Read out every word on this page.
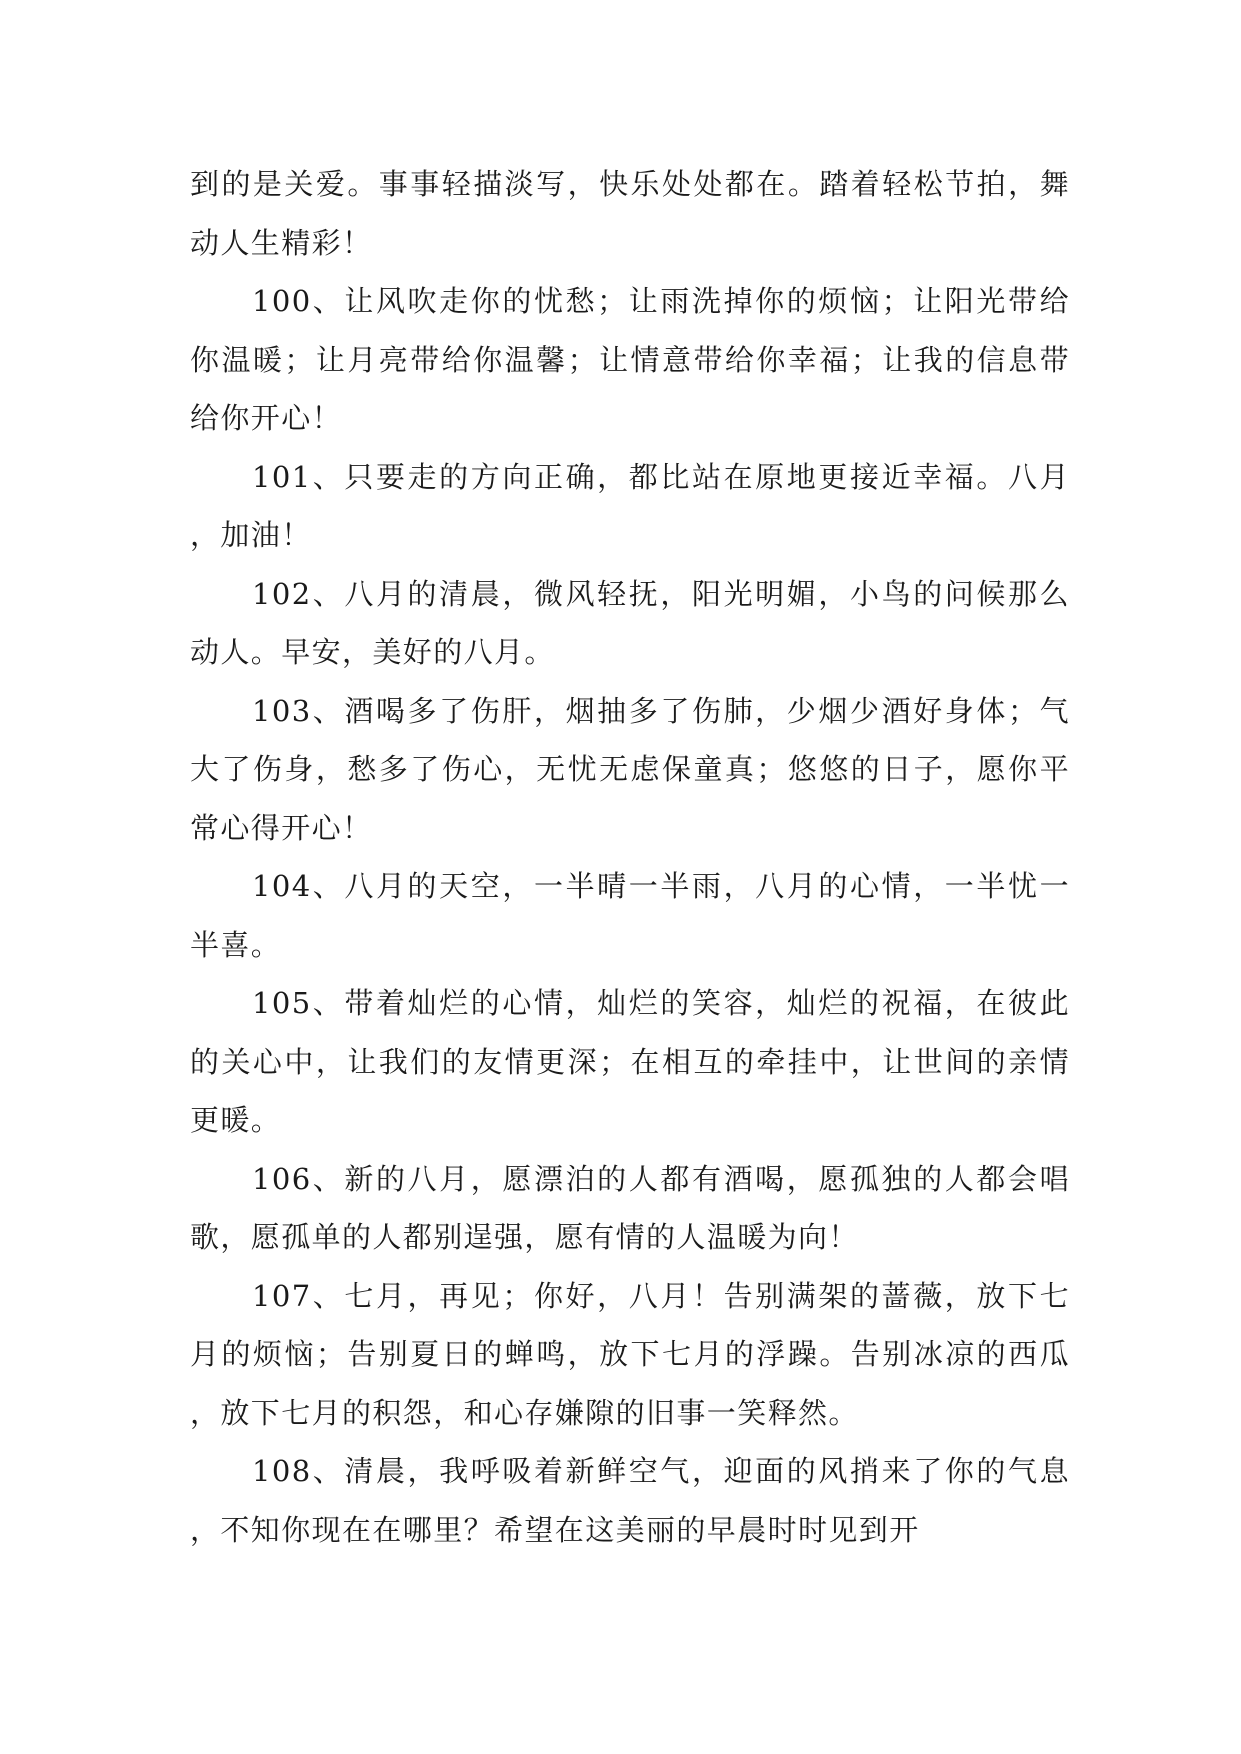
到的是关爱。事事轻描淡写，快乐处处都在。踏着轻松节拍，舞动人生精彩！

100、让风吹走你的忧愁；让雨洗掉你的烦恼；让阳光带给你温暖；让月亮带给你温馨；让情意带给你幸福；让我的信息带给你开心！

101、只要走的方向正确，都比站在原地更接近幸福。八月，加油！

102、八月的清晨，微风轻抚，阳光明媚，小鸟的问候那么动人。早安，美好的八月。

103、酒喝多了伤肝，烟抽多了伤肺，少烟少酒好身体；气大了伤身，愁多了伤心，无忧无虑保童真；悠悠的日子，愿你平常心得开心！

104、八月的天空，一半晴一半雨，八月的心情，一半忧一半喜。

105、带着灿烂的心情，灿烂的笑容，灿烂的祝福，在彼此的关心中，让我们的友情更深；在相互的牵挂中，让世间的亲情更暖。

106、新的八月，愿漂泊的人都有酒喝，愿孤独的人都会唱歌，愿孤单的人都别逞强，愿有情的人温暖为向！

107、七月，再见；你好，八月！告别满架的蔷薇，放下七月的烦恼；告别夏日的蝉鸣，放下七月的浮躁。告别冰凉的西瓜，放下七月的积怨，和心存嫌隙的旧事一笑释然。

108、清晨，我呼吸着新鲜空气，迎面的风捎来了你的气息，不知你现在在哪里？希望在这美丽的早晨时时见到开
